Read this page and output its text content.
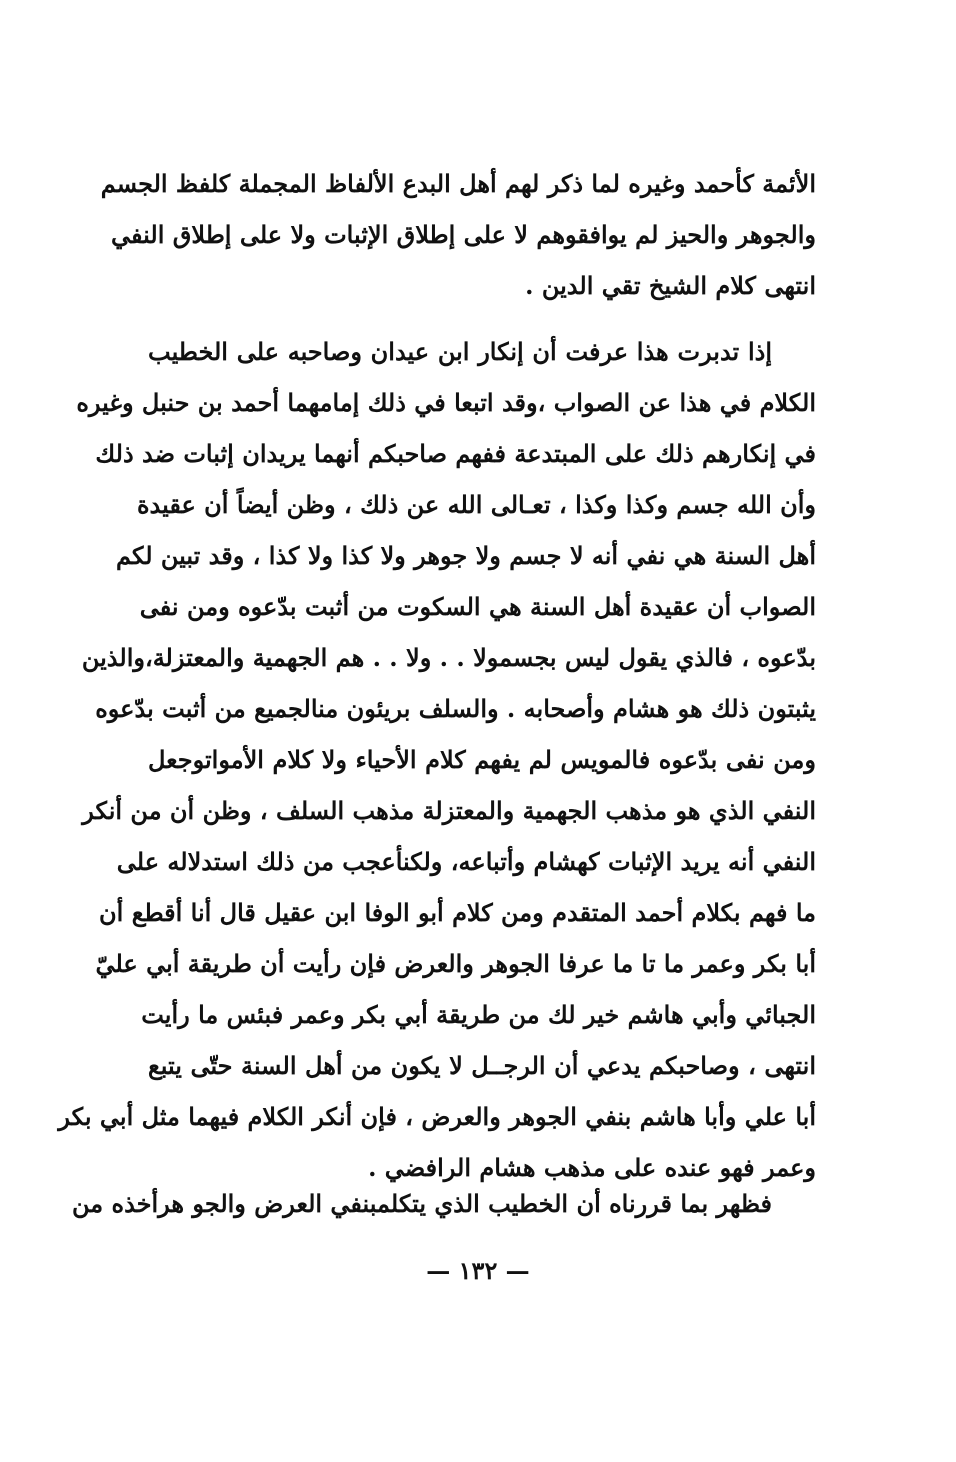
الأئمة كأحمد وغيره لما ذكر لهم أهل البدع الألفاظ المجملة كلفظ الجسم
والجوهر والحيز لم يوافقوهم لا على إطلاق الإثبات ولا على إطلاق النفي
انتهى كلام الشيخ تقي الدين .
إذا تدبرت هذا عرفت أن إنكار ابن عيدان وصاحبه على الخطيب
الكلام في هذا عن الصواب ،وقد اتبعا في ذلك إمامهما أحمد بن حنبل وغيره
في إنكارهم ذلك على المبتدعة ففهم صاحبكم أنهما يريدان إثبات ضد ذلك
وأن الله جسم وكذا وكذا ، تعـالى الله عن ذلك ، وظن أيضاً أن عقيدة
أهل السنة هي نفي أنه لا جسم ولا جوهر ولا كذا ولا كذا ، وقد تبين لكم
الصواب أن عقيدة أهل السنة هي السكوت من أثبت بدّعوه ومن نفى
بدّعوه ، فالذي يقول ليس بجسمولا . . ولا . . هم الجهمية والمعتزلة،والذين
يثبتون ذلك هو هشام وأصحابه . والسلف بريئون منالجميع من أثبت بدّعوه
ومن نفى بدّعوه فالمويس لم يفهم كلام الأحياء ولا كلام الأمواتوجعل
النفي الذي هو مذهب الجهمية والمعتزلة مذهب السلف ، وظن أن من أنكر
النفي أنه يريد الإثبات كهشام وأتباعه، ولكنأعجب من ذلك استدلاله على
ما فهم بكلام أحمد المتقدم ومن كلام أبو الوفا ابن عقيل قال أنا أقطع أن
أبا بكر وعمر ما تا ما عرفا الجوهر والعرض فإن رأيت أن طريقة أبي عليّ
الجبائي وأبي هاشم خير لك من طريقة أبي بكر وعمر فبئس ما رأيت
انتهى ، وصاحبكم يدعي أن الرجــل لا يكون من أهل السنة حتّى يتبع
أبا علي وأبا هاشم بنفي الجوهر والعرض ، فإن أنكر الكلام فيهما مثل أبي بكر
وعمر فهو عنده على مذهب هشام الرافضي .
فظهر بما قررناه أن الخطيب الذي يتكلمبنفي العرض والجو هرأخذه من
— ١٣٢ —
